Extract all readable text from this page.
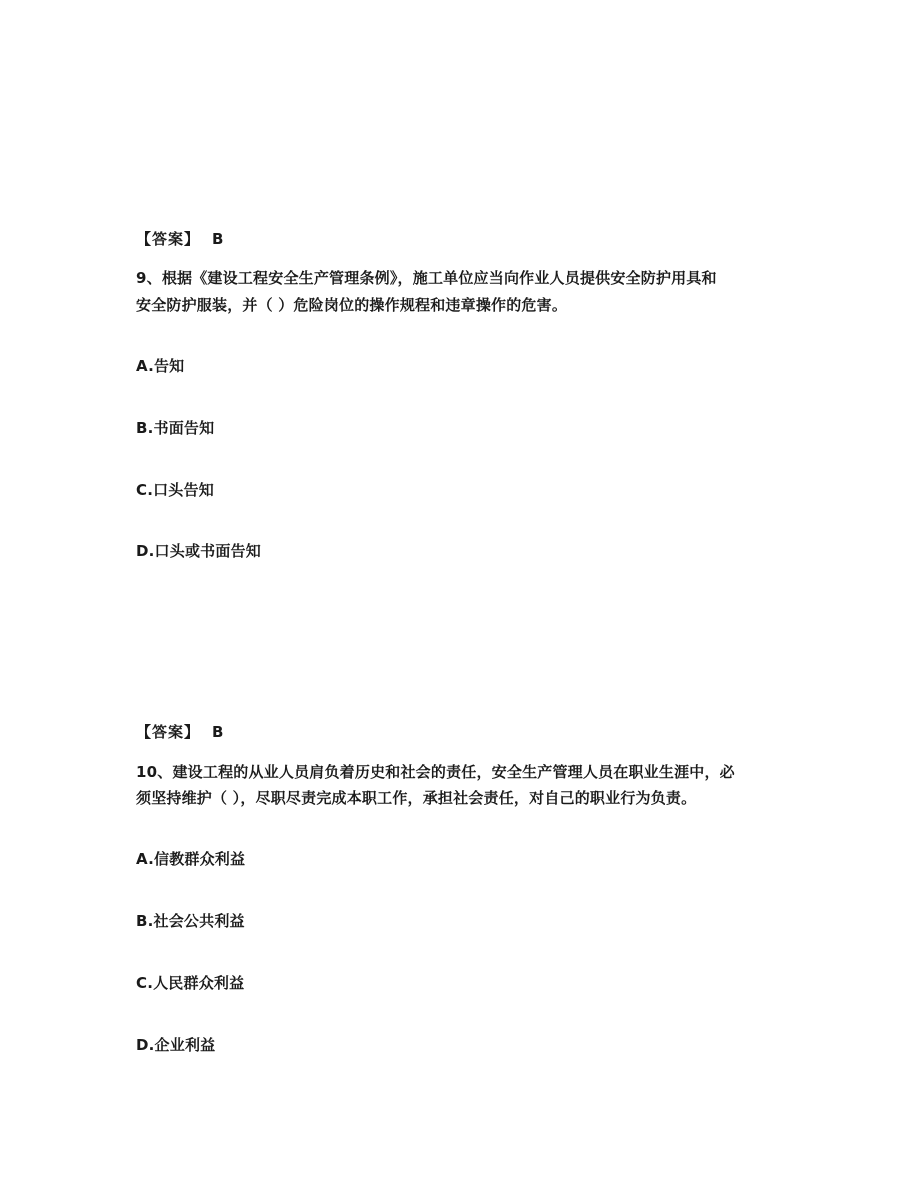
【答案】 B
9、根据《建设工程安全生产管理条例》，施工单位应当向作业人员提供安全防护用具和
安全防护服装，并（ ）危险岗位的操作规程和违章操作的危害。
A.告知
B.书面告知
C.口头告知
D.口头或书面告知
【答案】 B
10、建设工程的从业人员肩负着历史和社会的责任，安全生产管理人员在职业生涯中，必
须坚持维护（ ），尽职尽责完成本职工作，承担社会责任，对自己的职业行为负责。
A.信教群众利益
B.社会公共利益
C.人民群众利益
D.企业利益
